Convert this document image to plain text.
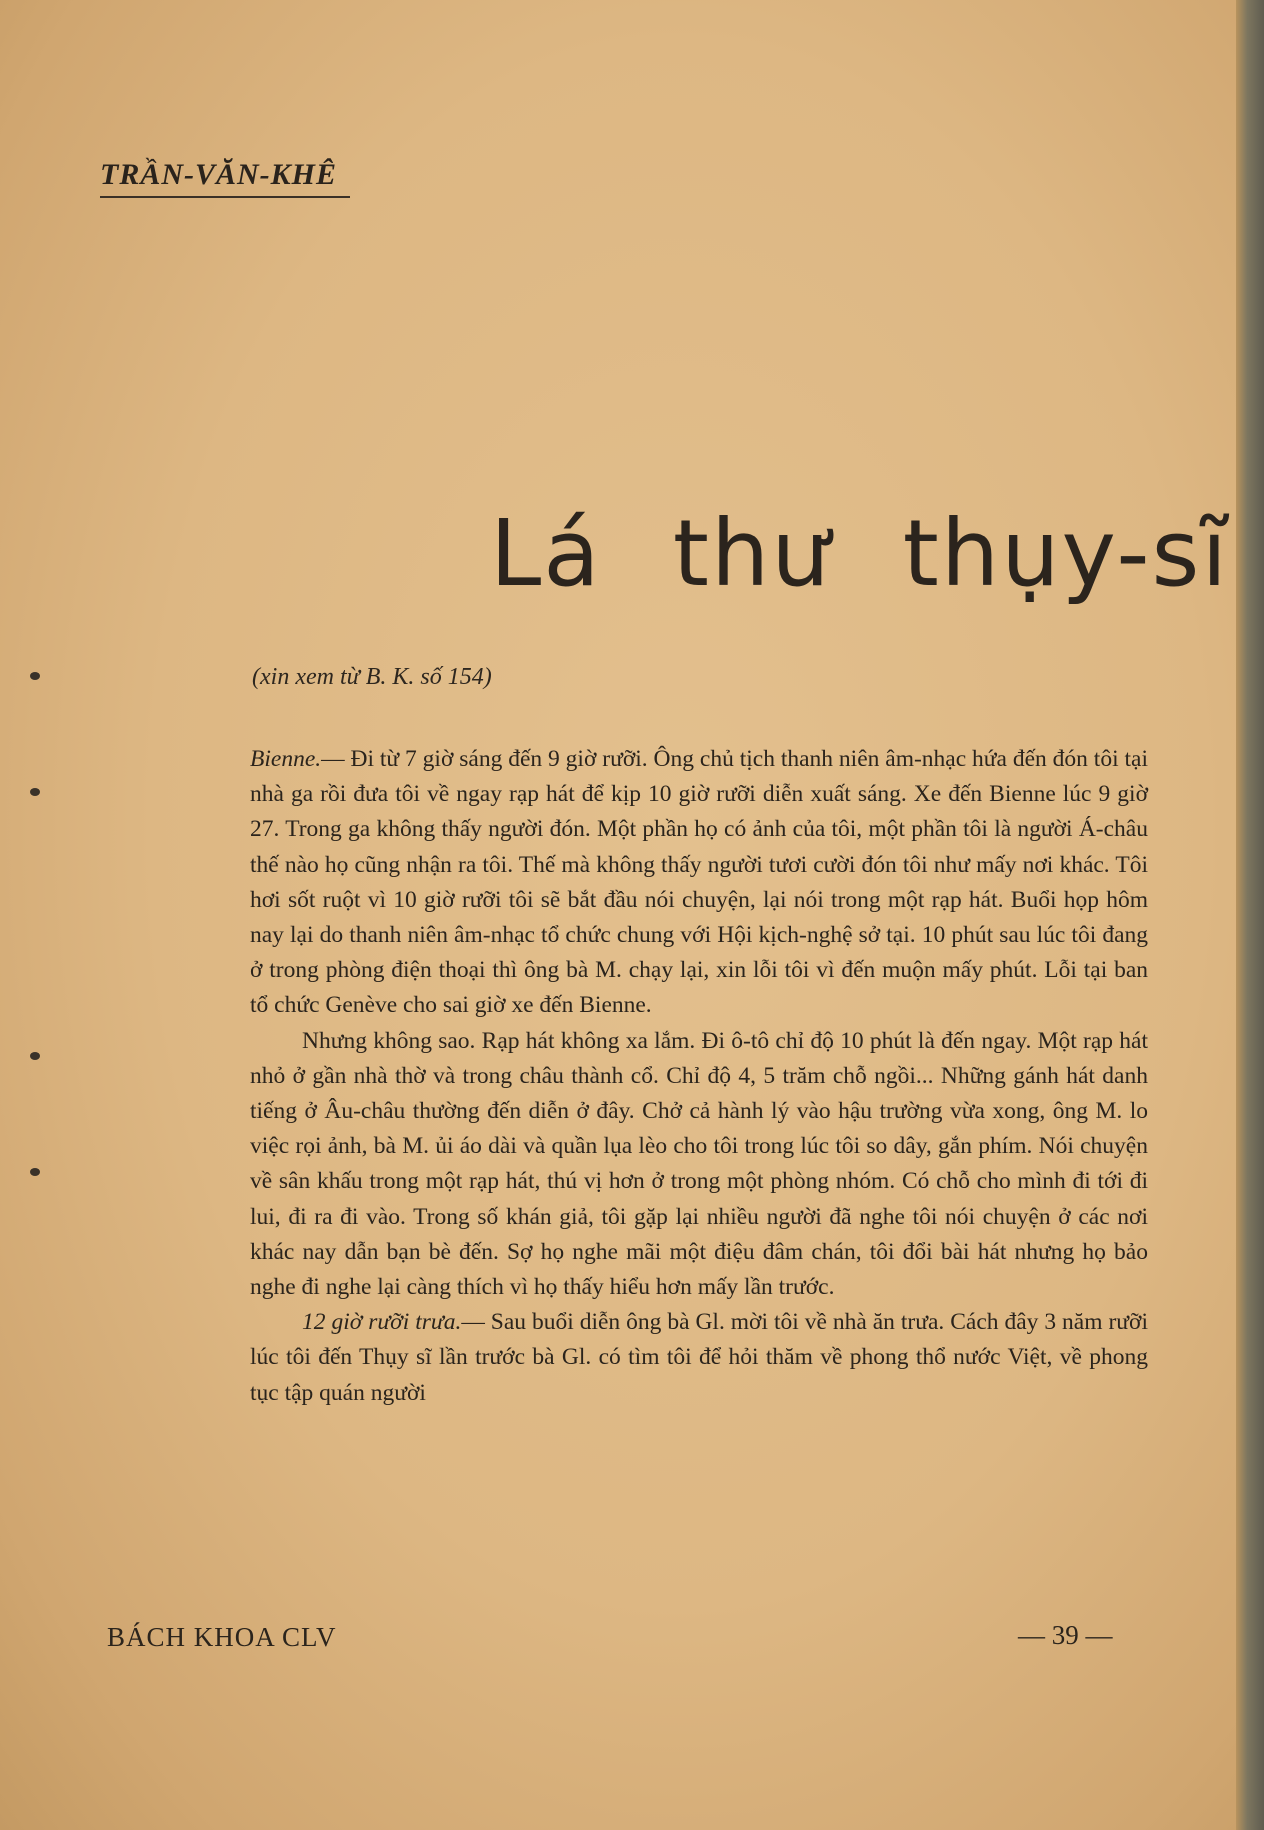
TRẦN-VĂN-KHÊ
Lá thư thụy-sĩ
(xin xem từ B. K. số 154)

Bienne.— Đi từ 7 giờ sáng đến 9 giờ rưỡi. Ông chủ tịch thanh niên âm-nhạc hứa đến đón tôi tại nhà ga rồi đưa tôi về ngay rạp hát để kịp 10 giờ rưỡi diễn xuất sáng. Xe đến Bienne lúc 9 giờ 27. Trong ga không thấy người đón. Một phần họ có ảnh của tôi, một phần tôi là người Á-châu thế nào họ cũng nhận ra tôi. Thế mà không thấy người tươi cười đón tôi như mấy nơi khác. Tôi hơi sốt ruột vì 10 giờ rưỡi tôi sẽ bắt đầu nói chuyện, lại nói trong một rạp hát. Buổi họp hôm nay lại do thanh niên âm-nhạc tổ chức chung với Hội kịch-nghệ sở tại. 10 phút sau lúc tôi đang ở trong phòng điện thoại thì ông bà M. chạy lại, xin lỗi tôi vì đến muộn mấy phút. Lỗi tại ban tổ chức Genève cho sai giờ xe đến Bienne.

Nhưng không sao. Rạp hát không xa lắm. Đi ô-tô chỉ độ 10 phút là đến ngay. Một rạp hát nhỏ ở gần nhà thờ và trong châu thành cổ. Chỉ độ 4, 5 trăm chỗ ngồi... Những gánh hát danh tiếng ở Âu-châu thường đến diễn ở đây. Chở cả hành lý vào hậu trường vừa xong, ông M. lo việc rọi ảnh, bà M. ủi áo dài và quần lụa lèo cho tôi trong lúc tôi so dây, gắn phím. Nói chuyện về sân khấu trong một rạp hát, thú vị hơn ở trong một phòng nhóm. Có chỗ cho mình đi tới đi lui, đi ra đi vào. Trong số khán giả, tôi gặp lại nhiều người đã nghe tôi nói chuyện ở các nơi khác nay dẫn bạn bè đến. Sợ họ nghe mãi một điệu đâm chán, tôi đổi bài hát nhưng họ bảo nghe đi nghe lại càng thích vì họ thấy hiểu hơn mấy lần trước.

12 giờ rưỡi trưa.— Sau buổi diễn ông bà Gl. mời tôi về nhà ăn trưa. Cách đây 3 năm rưỡi lúc tôi đến Thụy sĩ lần trước bà Gl. có tìm tôi để hỏi thăm về phong thổ nước Việt, về phong tục tập quán người

BÁCH KHOA CLV	— 39 —
